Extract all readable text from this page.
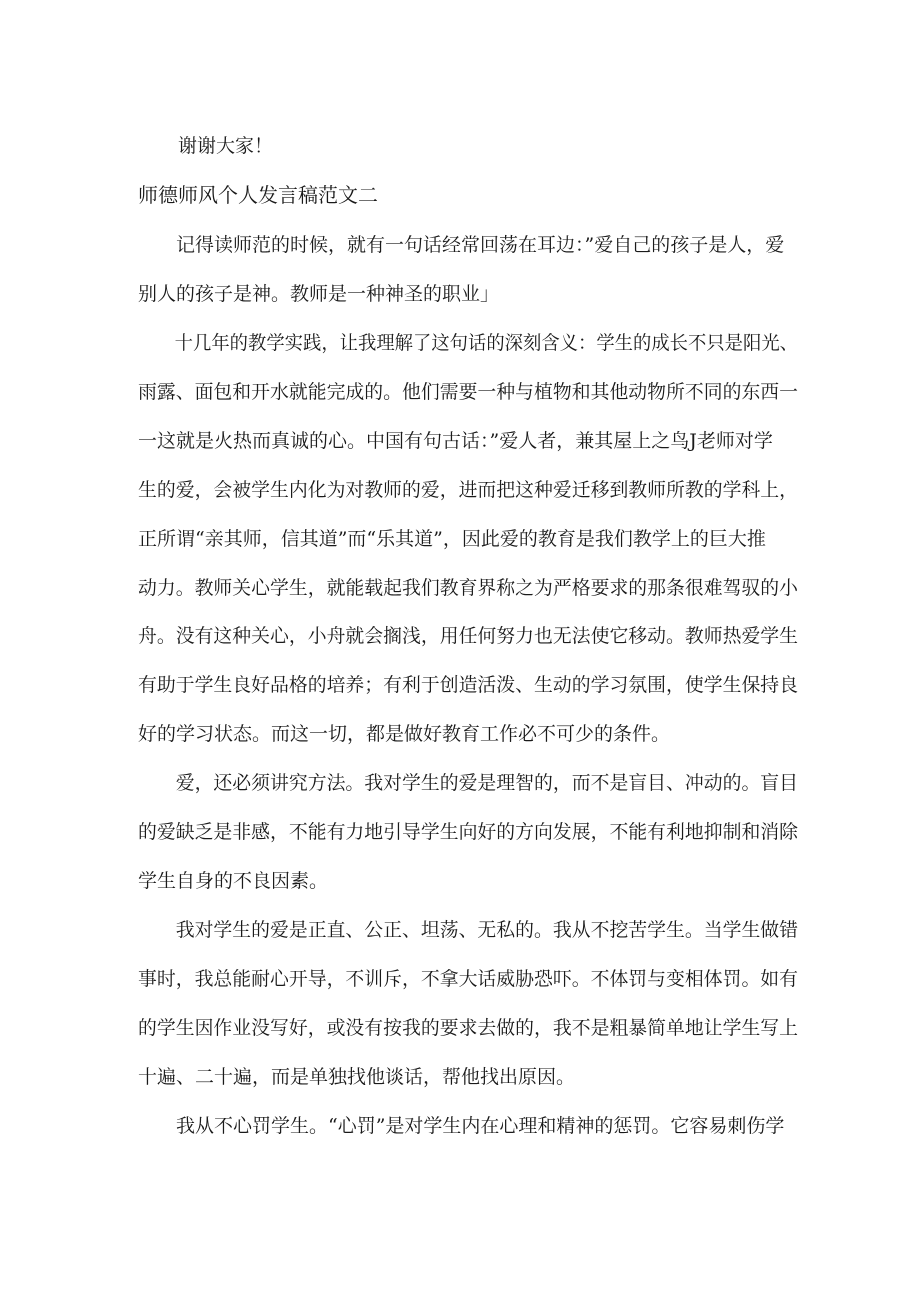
谢谢大家！
师德师风个人发言稿范文二
　　记得读师范的时候，就有一句话经常回荡在耳边：”爱自己的孩子是人，爱
别人的孩子是神。教师是一种神圣的职业」
　　十几年的教学实践，让我理解了这句话的深刻含义：学生的成长不只是阳光、
雨露、面包和开水就能完成的。他们需要一种与植物和其他动物所不同的东西一
一这就是火热而真诚的心。中国有句古话：”爱人者，兼其屋上之鸟J老师对学
生的爱，会被学生内化为对教师的爱，进而把这种爱迁移到教师所教的学科上，
正所谓“亲其师，信其道”而“乐其道”，因此爱的教育是我们教学上的巨大推
动力。教师关心学生，就能载起我们教育界称之为严格要求的那条很难驾驭的小
舟。没有这种关心，小舟就会搁浅，用任何努力也无法使它移动。教师热爱学生
有助于学生良好品格的培养；有利于创造活泼、生动的学习氛围，使学生保持良
好的学习状态。而这一切，都是做好教育工作必不可少的条件。
　　爱，还必须讲究方法。我对学生的爱是理智的，而不是盲目、冲动的。盲目
的爱缺乏是非感，不能有力地引导学生向好的方向发展，不能有利地抑制和消除
学生自身的不良因素。
　　我对学生的爱是正直、公正、坦荡、无私的。我从不挖苦学生。当学生做错
事时，我总能耐心开导，不训斥，不拿大话威胁恐吓。不体罚与变相体罚。如有
的学生因作业没写好，或没有按我的要求去做的，我不是粗暴简单地让学生写上
十遍、二十遍，而是单独找他谈话，帮他找出原因。
　　我从不心罚学生。“心罚”是对学生内在心理和精神的惩罚。它容易刺伤学
